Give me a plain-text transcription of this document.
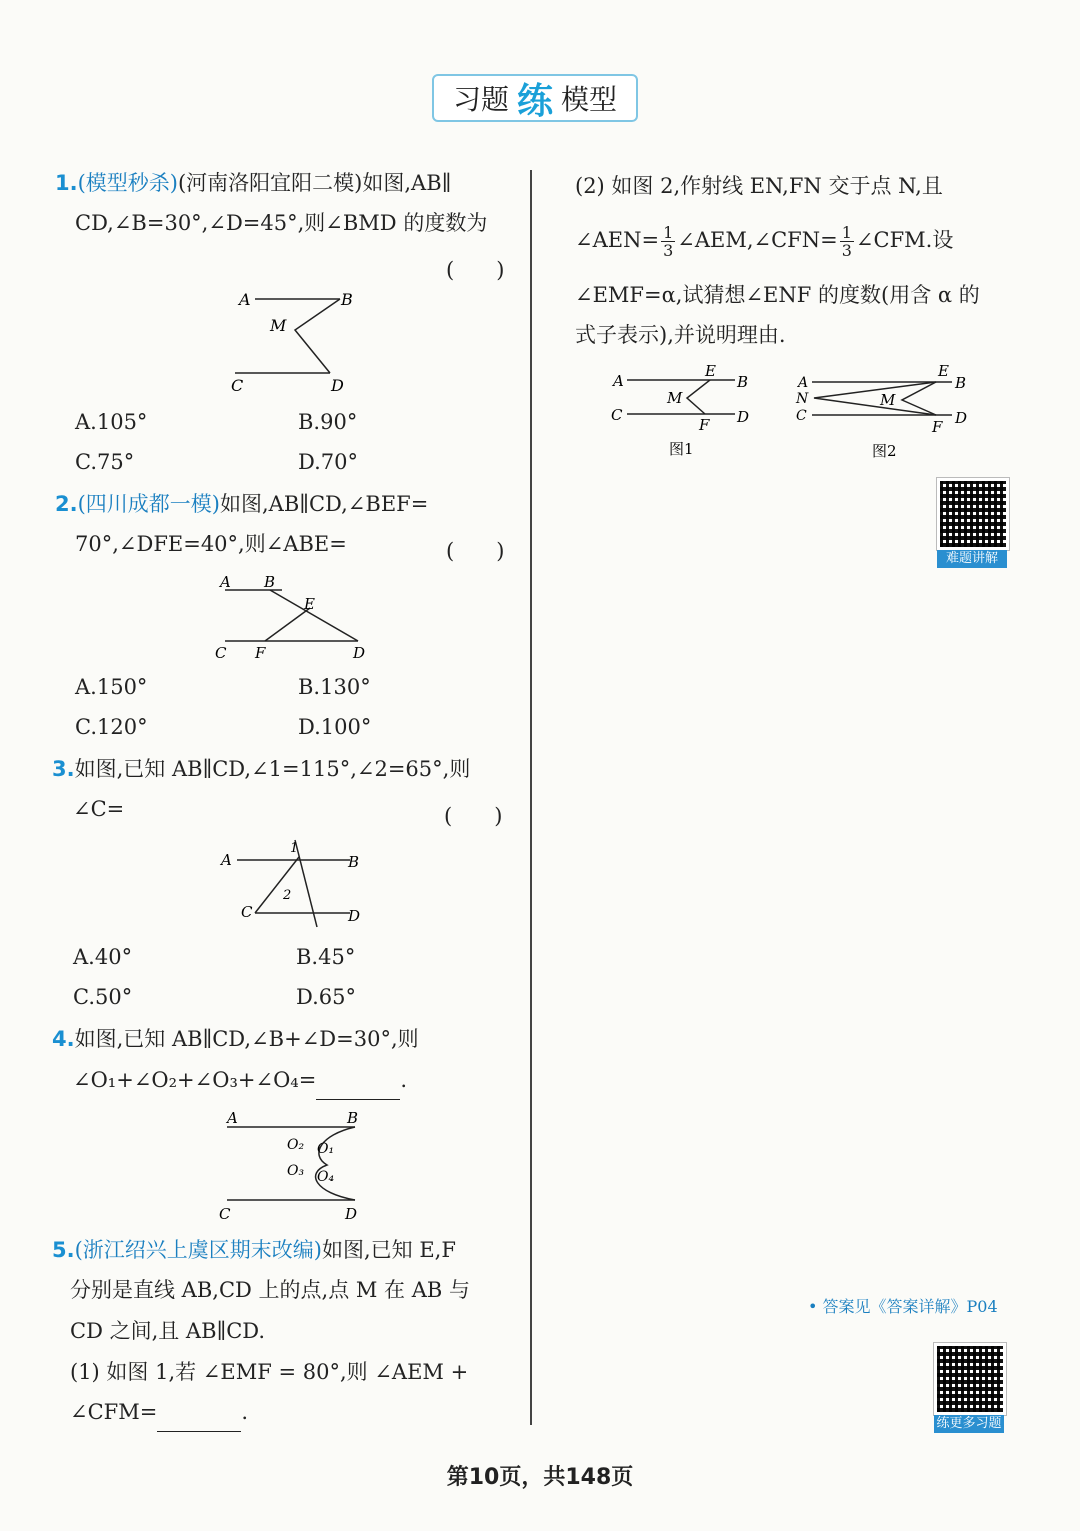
习题 练 模型
1.(模型秒杀)(河南洛阳宜阳二模)如图,AB∥
CD,∠B=30°,∠D=45°,则∠BMD 的度数为
(　　)
A	B
M
C	D
A.105°	B.90°
C.75°	D.70°
2.(四川成都一模)如图,AB∥CD,∠BEF=
70°,∠DFE=40°,则∠ABE=	(　　)
A B
E
C F	D
A.150°	B.130°
C.120°	D.100°
3.如图,已知 AB∥CD,∠1=115°,∠2=65°,则
∠C=	(　　)
A	B
C	D
1
2
A.40°	B.45°
C.50°	D.65°
4.如图,已知 AB∥CD,∠B+∠D=30°,则
∠O₁+∠O₂+∠O₃+∠O₄=	.
A	B
O₂ O₁
O₃ O₄
C	D
5.(浙江绍兴上虞区期末改编)如图,已知 E,F
分别是直线 AB,CD 上的点,点 M 在 AB 与
CD 之间,且 AB∥CD.
(1) 如图 1,若 ∠EMF = 80°,则 ∠AEM +
∠CFM=	.
(2) 如图 2,作射线 EN,FN 交于点 N,且
∠AEN= $\frac{1}{3}$ ∠AEM,∠CFN= $\frac{1}{3}$ ∠CFM.设
∠EMF=α,试猜想∠ENF 的度数(用含 α 的
式子表示),并说明理由.
A
E
B
M
C
F D
图1
A
N
C
E
B
M
F D
图2
难题讲解
• 答案见《答案详解》P04
练更多习题
第10页，共148页
